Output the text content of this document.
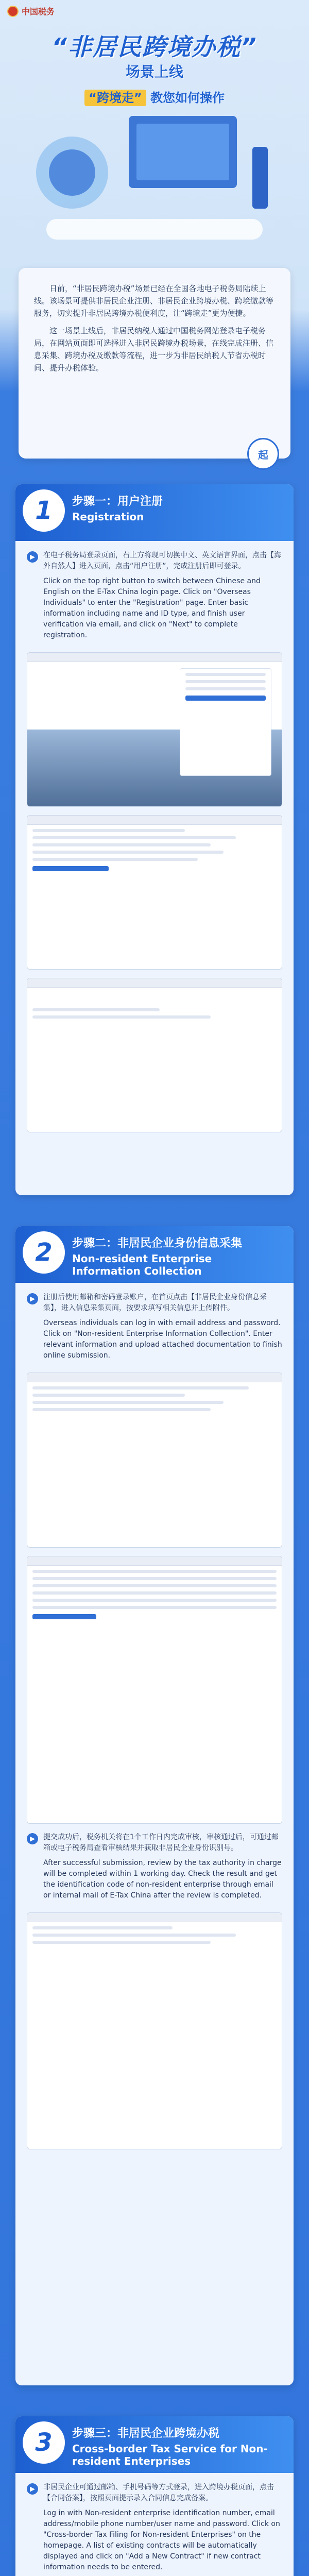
中国税务
“非居民跨境办税”
场景上线
“跨境走” 教您如何操作

日前，“非居民跨境办税”场景已经在全国各地电子税务局陆续上线。该场景可提供非居民企业注册、非居民企业跨境办税、跨境缴款等服务，切实提升非居民跨境办税便利度，让“跨境走”更为便捷。

这一场景上线后，非居民纳税人通过中国税务网站登录电子税务局，在网站页面即可选择进入非居民跨境办税场景，在线完成注册、信息采集、跨境办税及缴款等流程，进一步为非居民纳税人节省办税时间、提升办税体验。

起
1	步骤一：用户注册
Registration
▶	在电子税务局登录页面，右上方将现可切换中文、英文语言界面，点击【海外自然人】进入页面，点击“用户注册”，完成注册后即可登录。

Click on the top right button to switch between Chinese and English on the E-Tax China login page. Click on "Overseas Individuals" to enter the "Registration" page. Enter basic information including name and ID type, and finish user verification via email, and click on "Next" to complete registration.

2	步骤二：非居民企业身份信息采集
Non-resident Enterprise Information Collection
▶	注册后使用邮箱和密码登录账户，在首页点击【非居民企业身份信息采集】，进入信息采集页面，按要求填写相关信息并上传附件。

Overseas individuals can log in with email address and password. Click on "Non-resident Enterprise Information Collection". Enter relevant information and upload attached documentation to finish online submission.

▶	提交成功后，税务机关将在1个工作日内完成审核，审核通过后，可通过邮箱或电子税务局查看审核结果并获取非居民企业身份识别号。

After successful submission, review by the tax authority in charge will be completed within 1 working day. Check the result and get the identification code of non-resident enterprise through email or internal mail of E-Tax China after the review is completed.

3	步骤三：非居民企业跨境办税
Cross-border Tax Service for Non-resident Enterprises
▶	非居民企业可通过邮箱、手机号码等方式登录，进入跨境办税页面，点击【合同备案】，按照页面提示录入合同信息完成备案。

Log in with Non-resident enterprise identification number, email address/mobile phone number/user name and password. Click on "Cross-border Tax Filing for Non-resident Enterprises" on the homepage. A list of existing contracts will be automatically displayed and click on "Add a New Contract" if new contract information needs to be entered.
